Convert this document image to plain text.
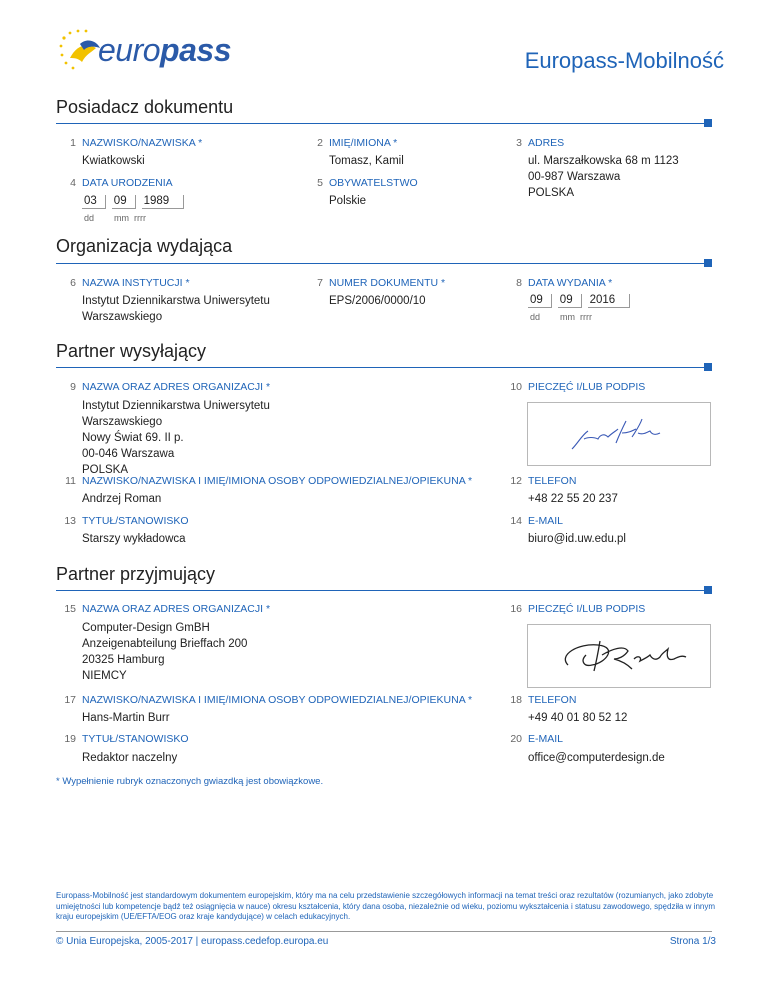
europass	Europass-Mobilność
Posiadacz dokumentu
1 NAZWISKO/NAZWISKA *
Kwiatkowski
2 IMIĘ/IMIONA *
Tomasz, Kamil
3 ADRES
ul. Marszałkowska 68 m 1123
00-987 Warszawa
POLSKA
4 DATA URODZENIA
03 09 1989
dd mm rrrr
5 OBYWATELSTWO
Polskie
Organizacja wydająca
6 NAZWA INSTYTUCJI *
Instytut Dziennikarstwa Uniwersytetu
Warszawskiego
7 NUMER DOKUMENTU *
EPS/2006/0000/10
8 DATA WYDANIA *
09 09 2016
dd mm rrrr
Partner wysyłający
9 NAZWA ORAZ ADRES ORGANIZACJI *
Instytut Dziennikarstwa Uniwersytetu
Warszawskiego
Nowy Świat 69. II p.
00-046 Warszawa
POLSKA
10 PIECZĘĆ I/LUB PODPIS
11 NAZWISKO/NAZWISKA I IMIĘ/IMIONA OSOBY ODPOWIEDZIALNEJ/OPIEKUNA *
Andrzej Roman
12 TELEFON
+48 22 55 20 237
13 TYTUŁ/STANOWISKO
Starszy wykładowca
14 E-MAIL
biuro@id.uw.edu.pl
Partner przyjmujący
15 NAZWA ORAZ ADRES ORGANIZACJI *
Computer-Design GmBH
Anzeigenabteilung Brieffach 200
20325 Hamburg
NIEMCY
16 PIECZĘĆ I/LUB PODPIS
17 NAZWISKO/NAZWISKA I IMIĘ/IMIONA OSOBY ODPOWIEDZIALNEJ/OPIEKUNA *
Hans-Martin Burr
18 TELEFON
+49 40 01 80 52 12
19 TYTUŁ/STANOWISKO
Redaktor naczelny
20 E-MAIL
office@computerdesign.de
* Wypełnienie rubryk oznaczonych gwiazdką jest obowiązkowe.
Europass-Mobilność jest standardowym dokumentem europejskim, który ma na celu przedstawienie szczegółowych informacji na temat treści oraz rezultatów (rozumianych, jako zdobyte umiejętności lub kompetencje bądź też osiągnięcia w nauce) okresu kształcenia, który dana osoba, niezależnie od wieku, poziomu wykształcenia i statusu zawodowego, spędziła w innym kraju europejskim (UE/EFTA/EOG oraz kraje kandydujące) w celach edukacyjnych.
© Unia Europejska, 2005-2017 | europass.cedefop.europa.eu	Strona 1/3
